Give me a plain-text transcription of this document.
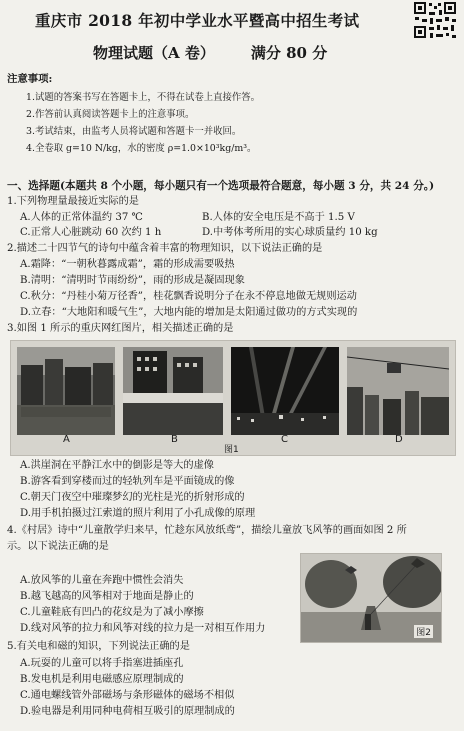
重庆市 2018 年初中学业水平暨高中招生考试
物理试题（A 卷） 满分 80 分
注意事项:
1.试题的答案书写在答题卡上，不得在试卷上直接作答。
2.作答前认真阅读答题卡上的注意事项。
3.考试结束，由监考人员将试题和答题卡一并收回。
4.全卷取 g=10 N/kg，水的密度 ρ=1.0×10³kg/m³。
一、选择题(本题共 8 个小题，每小题只有一个选项最符合题意，每小题 3 分，共 24 分。)
1.下列物理量最接近实际的是
A.人体的正常体温约 37 ℃	B.人体的安全电压是不高于 1.5 V
C.正常人心脏跳动 60 次约 1 h	D.中考体考所用的实心球质量约 10 kg
2.描述二十四节气的诗句中蕴含着丰富的物理知识，以下说法正确的是
A.霜降：“一朝秋暮露成霜”，霜的形成需要吸热
B.清明：“清明时节雨纷纷”，雨的形成是凝固现象
C.秋分：“丹桂小菊万径香”，桂花飘香说明分子在永不停息地做无规则运动
D.立春：“大地阳和暖气生”，大地内能的增加是太阳通过做功的方式实现的
3.如图 1 所示的重庆网红图片，相关描述正确的是
A	B	C	D
图1
A.洪崖洞在平静江水中的倒影是等大的虚像
B.游客看到穿楼而过的轻轨列车是平面镜成的像
C.朝天门夜空中璀璨梦幻的光柱是光的折射形成的
D.用手机拍摄过江索道的照片利用了小孔成像的原理
4.《村居》诗中“儿童散学归来早，忙趁东风放纸鸢”，描绘儿童放飞风筝的画面如图 2 所
示。以下说法正确的是
图2
A.放风筝的儿童在奔跑中惯性会消失
B.越飞越高的风筝相对于地面是静止的
C.儿童鞋底有凹凸的花纹是为了减小摩擦
D.线对风筝的拉力和风筝对线的拉力是一对相互作用力
5.有关电和磁的知识，下列说法正确的是
A.玩耍的儿童可以将手指塞进插座孔
B.发电机是利用电磁感应原理制成的
C.通电螺线管外部磁场与条形磁体的磁场不相似
D.验电器是利用同种电荷相互吸引的原理制成的
